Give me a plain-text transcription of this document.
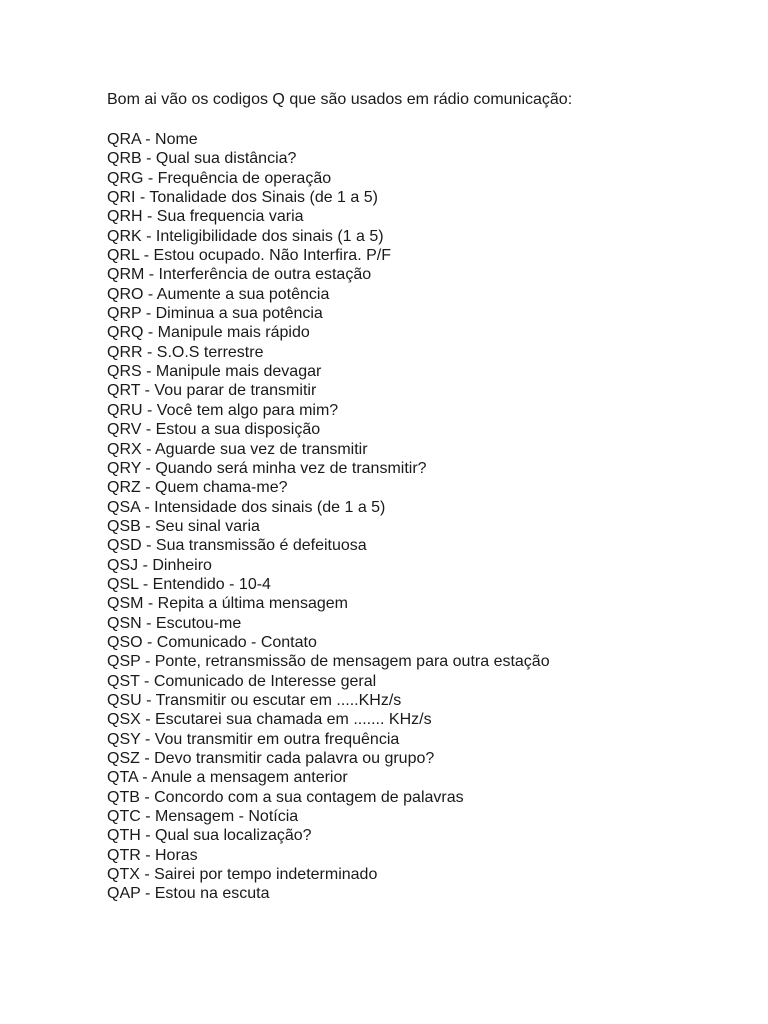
Bom ai vão os codigos Q que são usados em rádio comunicação:
QRA - Nome
QRB - Qual sua distância?
QRG - Frequência de operação
QRI - Tonalidade dos Sinais (de 1 a 5)
QRH - Sua frequencia varia
QRK - Inteligibilidade dos sinais (1 a 5)
QRL - Estou ocupado. Não Interfira. P/F
QRM - Interferência de outra estação
QRO - Aumente a sua potência
QRP - Diminua a sua potência
QRQ - Manipule mais rápido
QRR - S.O.S terrestre
QRS - Manipule mais devagar
QRT - Vou parar de transmitir
QRU - Você tem algo para mim?
QRV - Estou a sua disposição
QRX - Aguarde sua vez de transmitir
QRY - Quando será minha vez de transmitir?
QRZ - Quem chama-me?
QSA - Intensidade dos sinais (de 1 a 5)
QSB - Seu sinal varia
QSD - Sua transmissão é defeituosa
QSJ - Dinheiro
QSL - Entendido - 10-4
QSM - Repita a última mensagem
QSN - Escutou-me
QSO - Comunicado - Contato
QSP - Ponte, retransmissão de mensagem para outra estação
QST - Comunicado de Interesse geral
QSU - Transmitir ou escutar em .....KHz/s
QSX - Escutarei sua chamada em ....... KHz/s
QSY - Vou transmitir em outra frequência
QSZ - Devo transmitir cada palavra ou grupo?
QTA - Anule a mensagem anterior
QTB - Concordo com a sua contagem de palavras
QTC - Mensagem - Notícia
QTH - Qual sua localização?
QTR - Horas
QTX - Sairei por tempo indeterminado
QAP - Estou na escuta
